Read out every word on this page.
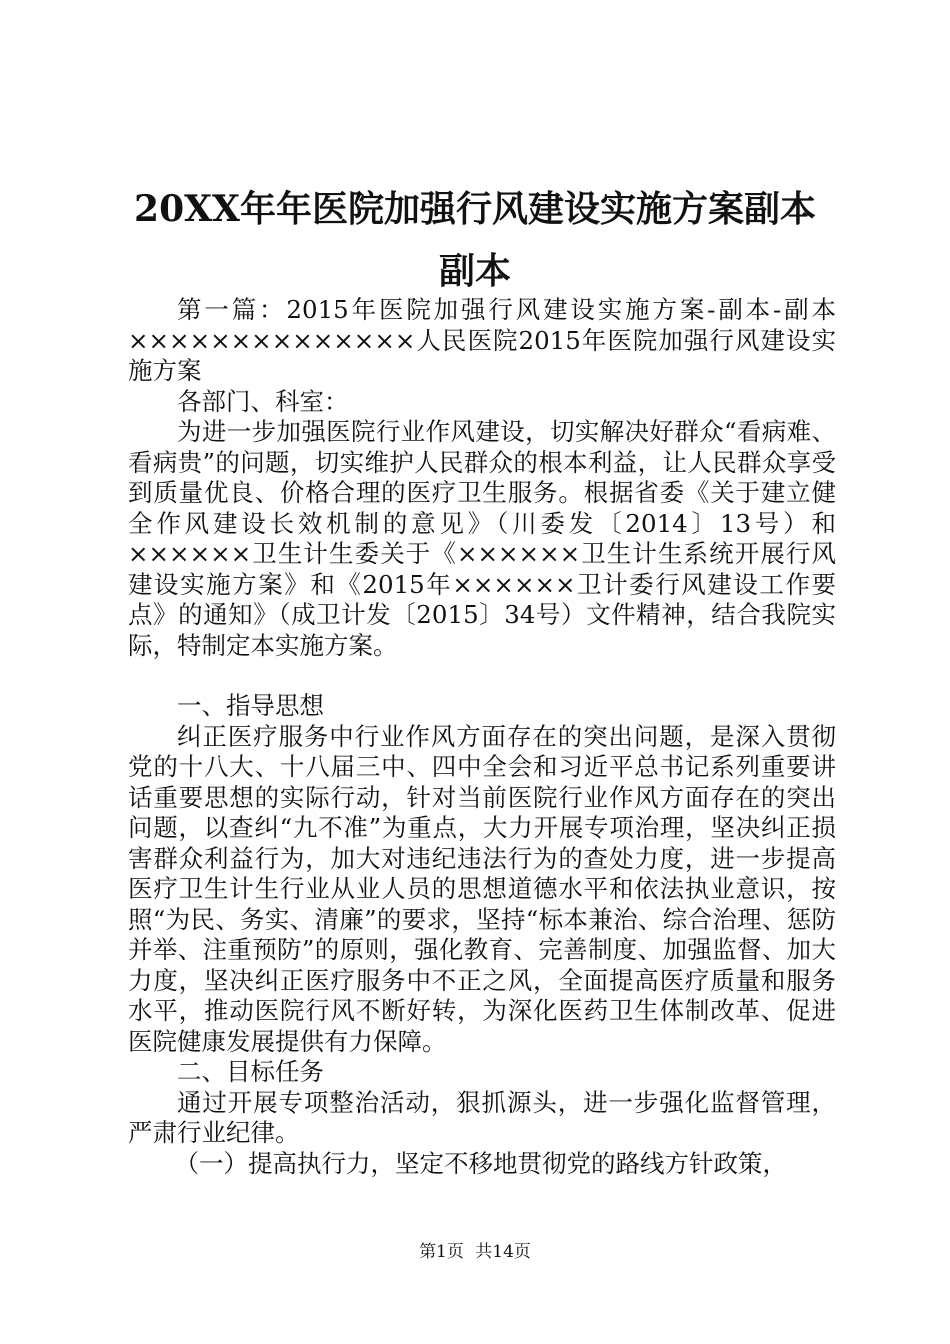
20XX年年医院加强行风建设实施方案副本副本

第一篇：2015年医院加强行风建设实施方案-副本-副本××××××××××××××人民医院2015年医院加强行风建设实施方案

各部门、科室：

为进一步加强医院行业作风建设，切实解决好群众“看病难、看病贵”的问题，切实维护人民群众的根本利益，让人民群众享受到质量优良、价格合理的医疗卫生服务。根据省委《关于建立健全作风建设长效机制的意见》（川委发〔2014〕13号）和××××××卫生计生委关于《××××××卫生计生系统开展行风建设实施方案》和《2015年××××××卫计委行风建设工作要点》的通知》（成卫计发〔2015〕34号）文件精神，结合我院实际，特制定本实施方案。

一、指导思想

纠正医疗服务中行业作风方面存在的突出问题，是深入贯彻党的十八大、十八届三中、四中全会和习近平总书记系列重要讲话重要思想的实际行动，针对当前医院行业作风方面存在的突出问题，以查纠“九不准”为重点，大力开展专项治理，坚决纠正损害群众利益行为，加大对违纪违法行为的查处力度，进一步提高医疗卫生计生行业从业人员的思想道德水平和依法执业意识，按照“为民、务实、清廉”的要求，坚持“标本兼治、综合治理、惩防并举、注重预防”的原则，强化教育、完善制度、加强监督、加大力度，坚决纠正医疗服务中不正之风，全面提高医疗质量和服务水平，推动医院行风不断好转，为深化医药卫生体制改革、促进医院健康发展提供有力保障。

二、目标任务

通过开展专项整治活动，狠抓源头，进一步强化监督管理，严肃行业纪律。

（一）提高执行力，坚定不移地贯彻党的路线方针政策，

第1页 共14页
